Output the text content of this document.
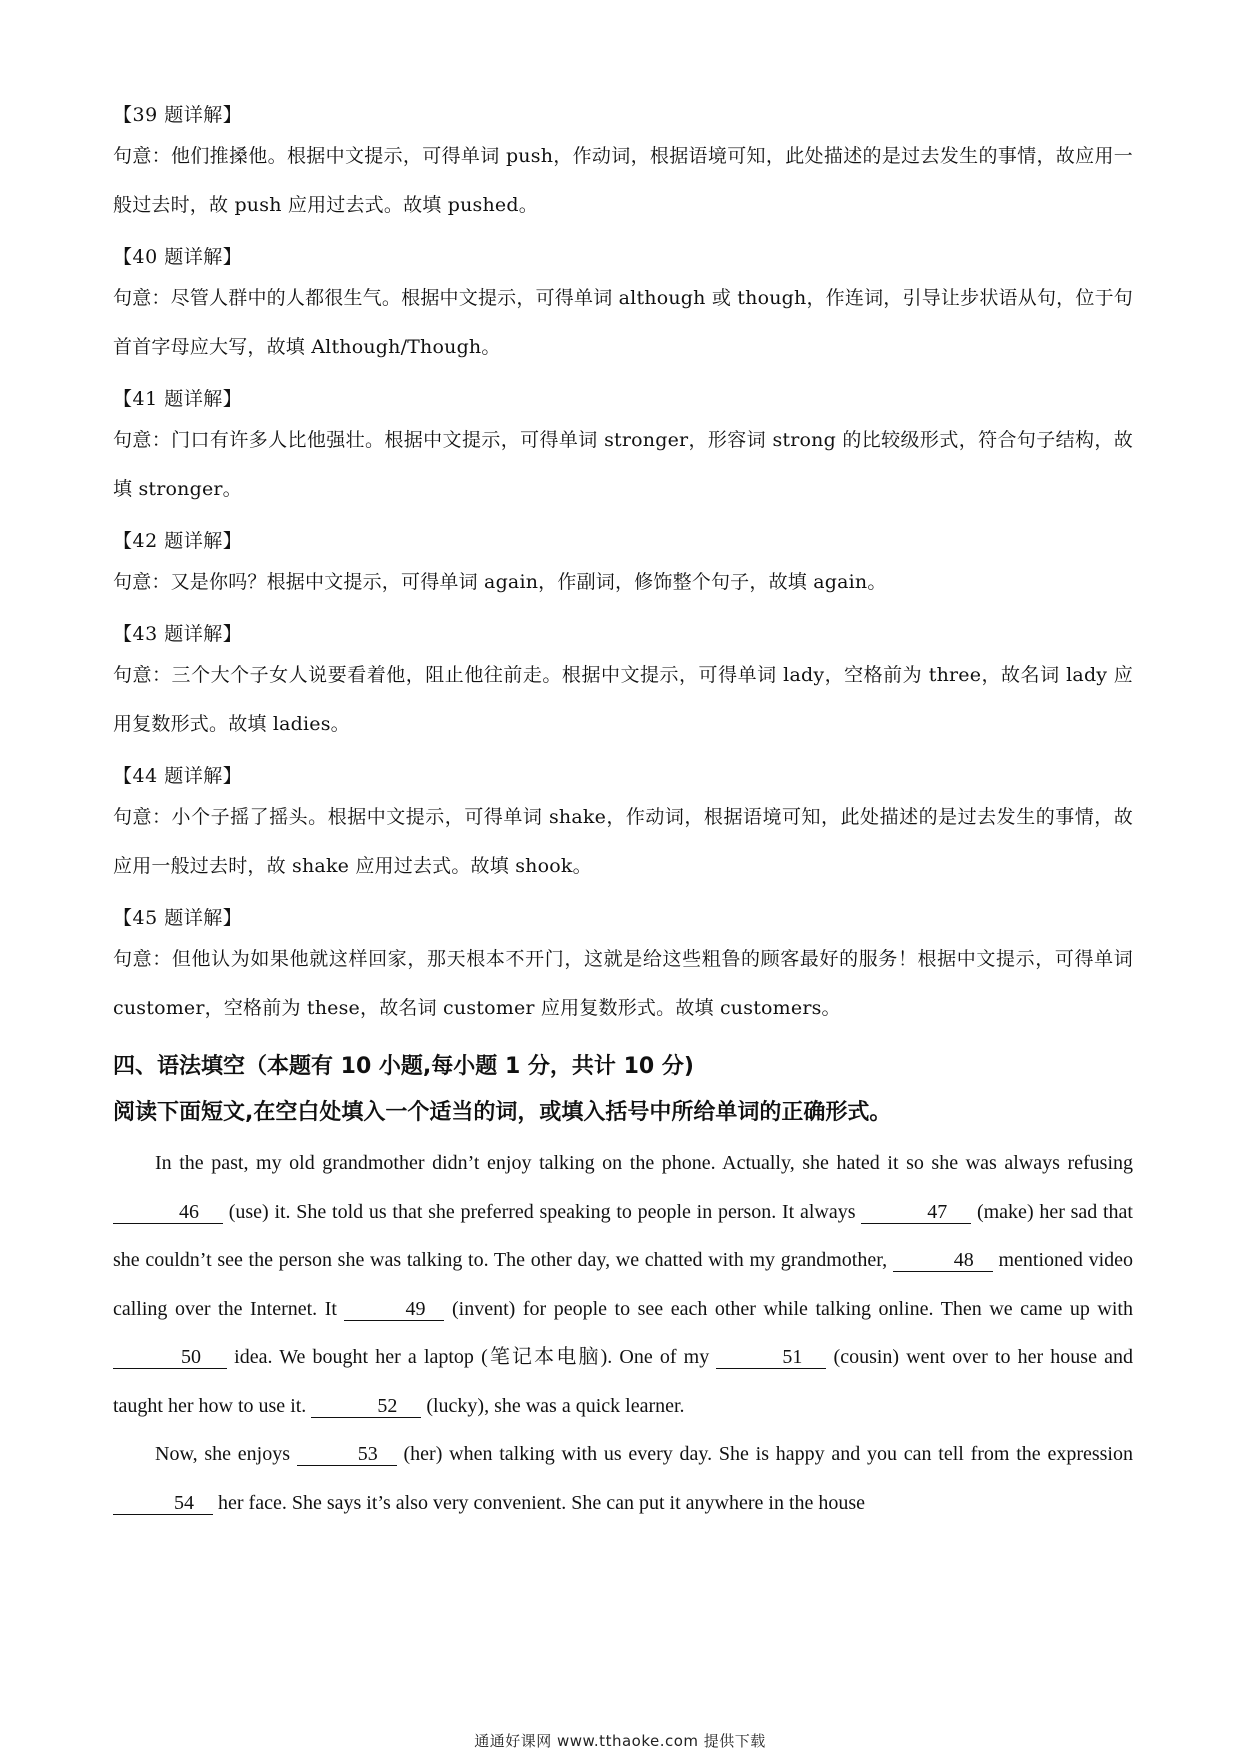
【39 题详解】

句意：他们推搡他。根据中文提示，可得单词 push，作动词，根据语境可知，此处描述的是过去发生的事情，故应用一般过去时，故 push 应用过去式。故填 pushed。

【40 题详解】

句意：尽管人群中的人都很生气。根据中文提示，可得单词 although 或 though，作连词，引导让步状语从句，位于句首首字母应大写，故填 Although/Though。

【41 题详解】

句意：门口有许多人比他强壮。根据中文提示，可得单词 stronger，形容词 strong 的比较级形式，符合句子结构，故填 stronger。

【42 题详解】

句意：又是你吗？根据中文提示，可得单词 again，作副词，修饰整个句子，故填 again。

【43 题详解】

句意：三个大个子女人说要看着他，阻止他往前走。根据中文提示，可得单词 lady，空格前为 three，故名词 lady 应用复数形式。故填 ladies。

【44 题详解】

句意：小个子摇了摇头。根据中文提示，可得单词 shake，作动词，根据语境可知，此处描述的是过去发生的事情，故应用一般过去时，故 shake 应用过去式。故填 shook。

【45 题详解】

句意：但他认为如果他就这样回家，那天根本不开门，这就是给这些粗鲁的顾客最好的服务！根据中文提示，可得单词 customer，空格前为 these，故名词 customer 应用复数形式。故填 customers。

四、语法填空（本题有 10 小题,每小题 1 分，共计 10 分)

阅读下面短文,在空白处填入一个适当的词，或填入括号中所给单词的正确形式。

In the past, my old grandmother didn’t enjoy talking on the phone. Actually, she hated it so she was always refusing 46 (use) it. She told us that she preferred speaking to people in person. It always	47 (make) her sad that she couldn’t see the person she was talking to. The other day, we chatted with my grandmother,	48 mentioned video calling over the Internet. It	49 (invent) for people to see each other while talking online. Then we came up with 50 idea. We bought her a laptop (笔记本电脑). One of my	51 (cousin) went over to her house and taught her how to use it.	52 (lucky), she was a quick learner.

Now, she enjoys	53 (her) when talking with us every day. She is happy and you can tell from the expression 54 her face. She says it’s also very convenient. She can put it anywhere in the house

通通好课网 www.tthaoke.com 提供下载
